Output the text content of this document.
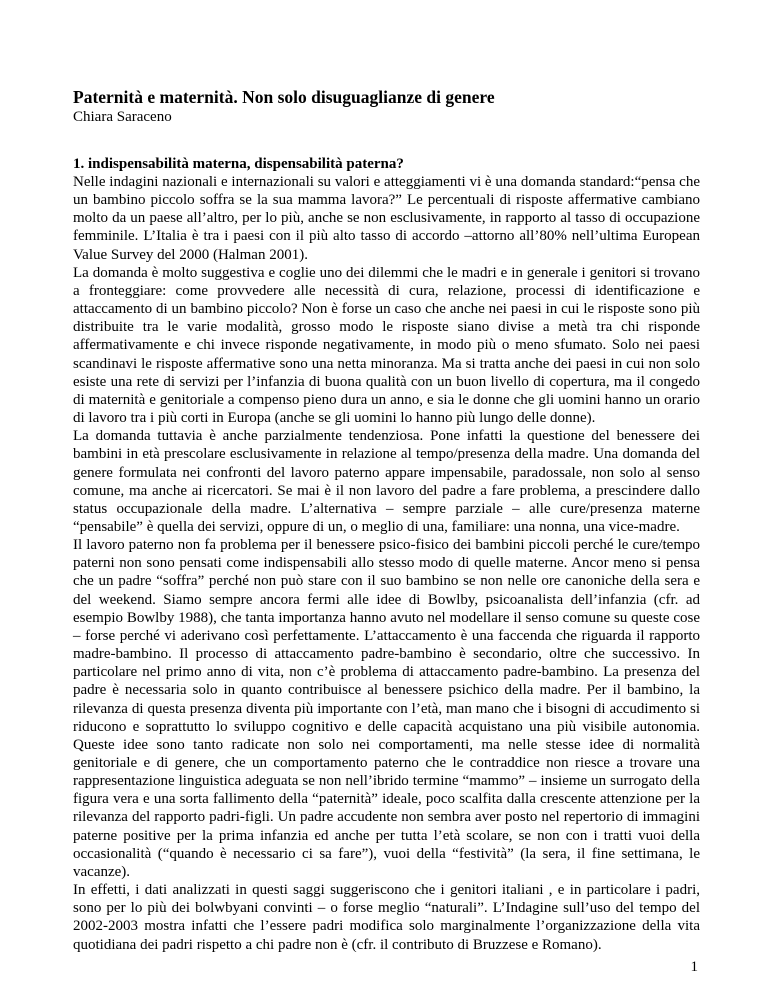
Paternità e maternità. Non solo disuguaglianze di genere
Chiara Saraceno
1. indispensabilità materna, dispensabilità paterna?

Nelle indagini nazionali e internazionali su valori e atteggiamenti vi è una domanda standard:“pensa che un bambino piccolo soffra se la sua mamma lavora?” Le percentuali di risposte affermative cambiano molto da un paese all’altro, per lo più, anche se non esclusivamente, in rapporto al tasso di occupazione femminile. L’Italia è tra i paesi con il più alto tasso di accordo –attorno all’80% nell’ultima European Value Survey del 2000 (Halman 2001).

La domanda è molto suggestiva e coglie uno dei dilemmi che le madri e in generale i genitori si trovano a fronteggiare: come provvedere alle necessità di cura, relazione, processi di identificazione e attaccamento di un bambino piccolo? Non è forse un caso che anche nei paesi in cui le risposte sono più distribuite tra le varie modalità, grosso modo le risposte siano divise a metà tra chi risponde affermativamente e chi invece risponde negativamente, in modo più o meno sfumato. Solo nei paesi scandinavi le risposte affermative sono una netta minoranza. Ma si tratta anche dei paesi in cui non solo esiste una rete di servizi per l’infanzia di buona qualità con un buon livello di copertura, ma il congedo di maternità e genitoriale a compenso pieno dura un anno, e sia le donne che gli uomini hanno un orario di lavoro tra i più corti in Europa (anche se gli uomini lo hanno più lungo delle donne).

La domanda tuttavia è anche parzialmente tendenziosa. Pone infatti la questione del benessere dei bambini in età prescolare esclusivamente in relazione al tempo/presenza della madre. Una domanda del genere formulata nei confronti del lavoro paterno appare impensabile, paradossale, non solo al senso comune, ma anche ai ricercatori. Se mai è il non lavoro del padre a fare problema, a prescindere dallo status occupazionale della madre. L’alternativa – sempre parziale – alle cure/presenza materne “pensabile” è quella dei servizi, oppure di un, o meglio di una, familiare: una nonna, una vice-madre.

Il lavoro paterno non fa problema per il benessere psico-fisico dei bambini piccoli perché le cure/tempo paterni non sono pensati come indispensabili allo stesso modo di quelle materne. Ancor meno si pensa che un padre “soffra” perché non può stare con il suo bambino se non nelle ore canoniche della sera e del weekend. Siamo sempre ancora fermi alle idee di Bowlby, psicoanalista dell’infanzia (cfr. ad esempio Bowlby 1988), che tanta importanza hanno avuto nel modellare il senso comune su queste cose – forse perché vi aderivano così perfettamente. L’attaccamento è una faccenda che riguarda il rapporto madre-bambino. Il processo di attaccamento padre-bambino è secondario, oltre che successivo. In particolare nel primo anno di vita, non c’è problema di attaccamento padre-bambino. La presenza del padre è necessaria solo in quanto contribuisce al benessere psichico della madre. Per il bambino, la rilevanza di questa presenza diventa più importante con l’età, man mano che i bisogni di accudimento si riducono e soprattutto lo sviluppo cognitivo e delle capacità acquistano una più visibile autonomia. Queste idee sono tanto radicate non solo nei comportamenti, ma nelle stesse idee di normalità genitoriale e di genere, che un comportamento paterno che le contraddice non riesce a trovare una rappresentazione linguistica adeguata se non nell’ibrido termine “mammo” – insieme un surrogato della figura vera e una sorta fallimento della “paternità” ideale, poco scalfita dalla crescente attenzione per la rilevanza del rapporto padri-figli. Un padre accudente non sembra aver posto nel repertorio di immagini paterne positive per la prima infanzia ed anche per tutta l’età scolare, se non con i tratti vuoi della occasionalità (“quando è necessario ci sa fare”), vuoi della “festività” (la sera, il fine settimana, le vacanze).

In effetti, i dati analizzati in questi saggi suggeriscono che i genitori italiani , e in particolare i padri, sono per lo più dei bolwbyani convinti – o forse meglio “naturali”. L’Indagine sull’uso del tempo del 2002-2003 mostra infatti che l’essere padri modifica solo marginalmente l’organizzazione della vita quotidiana dei padri rispetto a chi padre non è (cfr. il contributo di Bruzzese e Romano).

1
